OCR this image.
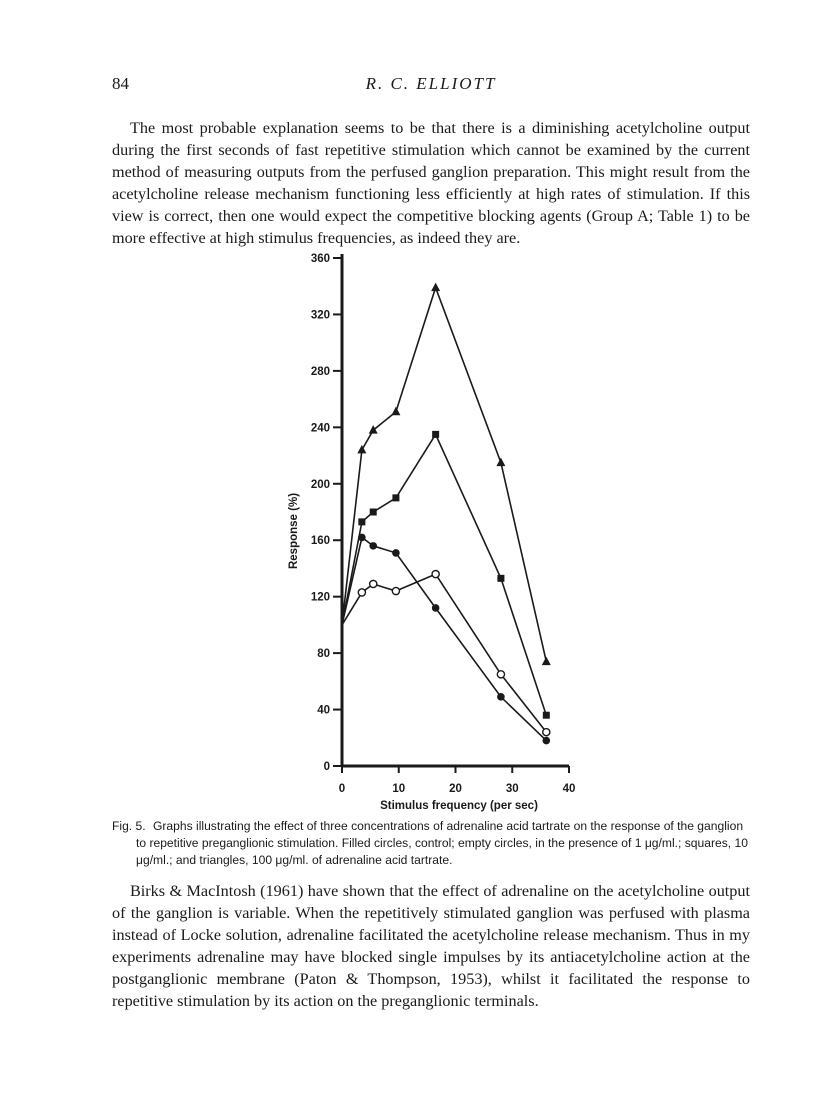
84	R. C. ELLIOTT

The most probable explanation seems to be that there is a diminishing acetylcholine output during the first seconds of fast repetitive stimulation which cannot be examined by the current method of measuring outputs from the perfused ganglion preparation. This might result from the acetylcholine release mechanism functioning less efficiently at high rates of stimulation. If this view is correct, then one would expect the competitive blocking agents (Group A; Table 1) to be more effective at high stimulus frequencies, as indeed they are.

0
40
80
120
160
200
240
280
320
360
0	10	20	30	40
Response (%)
Stimulus frequency (per sec)

Fig. 5. Graphs illustrating the effect of three concentrations of adrenaline acid tartrate on the response of the ganglion to repetitive preganglionic stimulation. Filled circles, control; empty circles, in the presence of 1 μg/ml.; squares, 10 μg/ml.; and triangles, 100 μg/ml. of adrenaline acid tartrate.

Birks & MacIntosh (1961) have shown that the effect of adrenaline on the acetylcholine output of the ganglion is variable. When the repetitively stimulated ganglion was perfused with plasma instead of Locke solution, adrenaline facilitated the acetylcholine release mechanism. Thus in my experiments adrenaline may have blocked single impulses by its antiacetylcholine action at the postganglionic membrane (Paton & Thompson, 1953), whilst it facilitated the response to repetitive stimulation by its action on the preganglionic terminals.
